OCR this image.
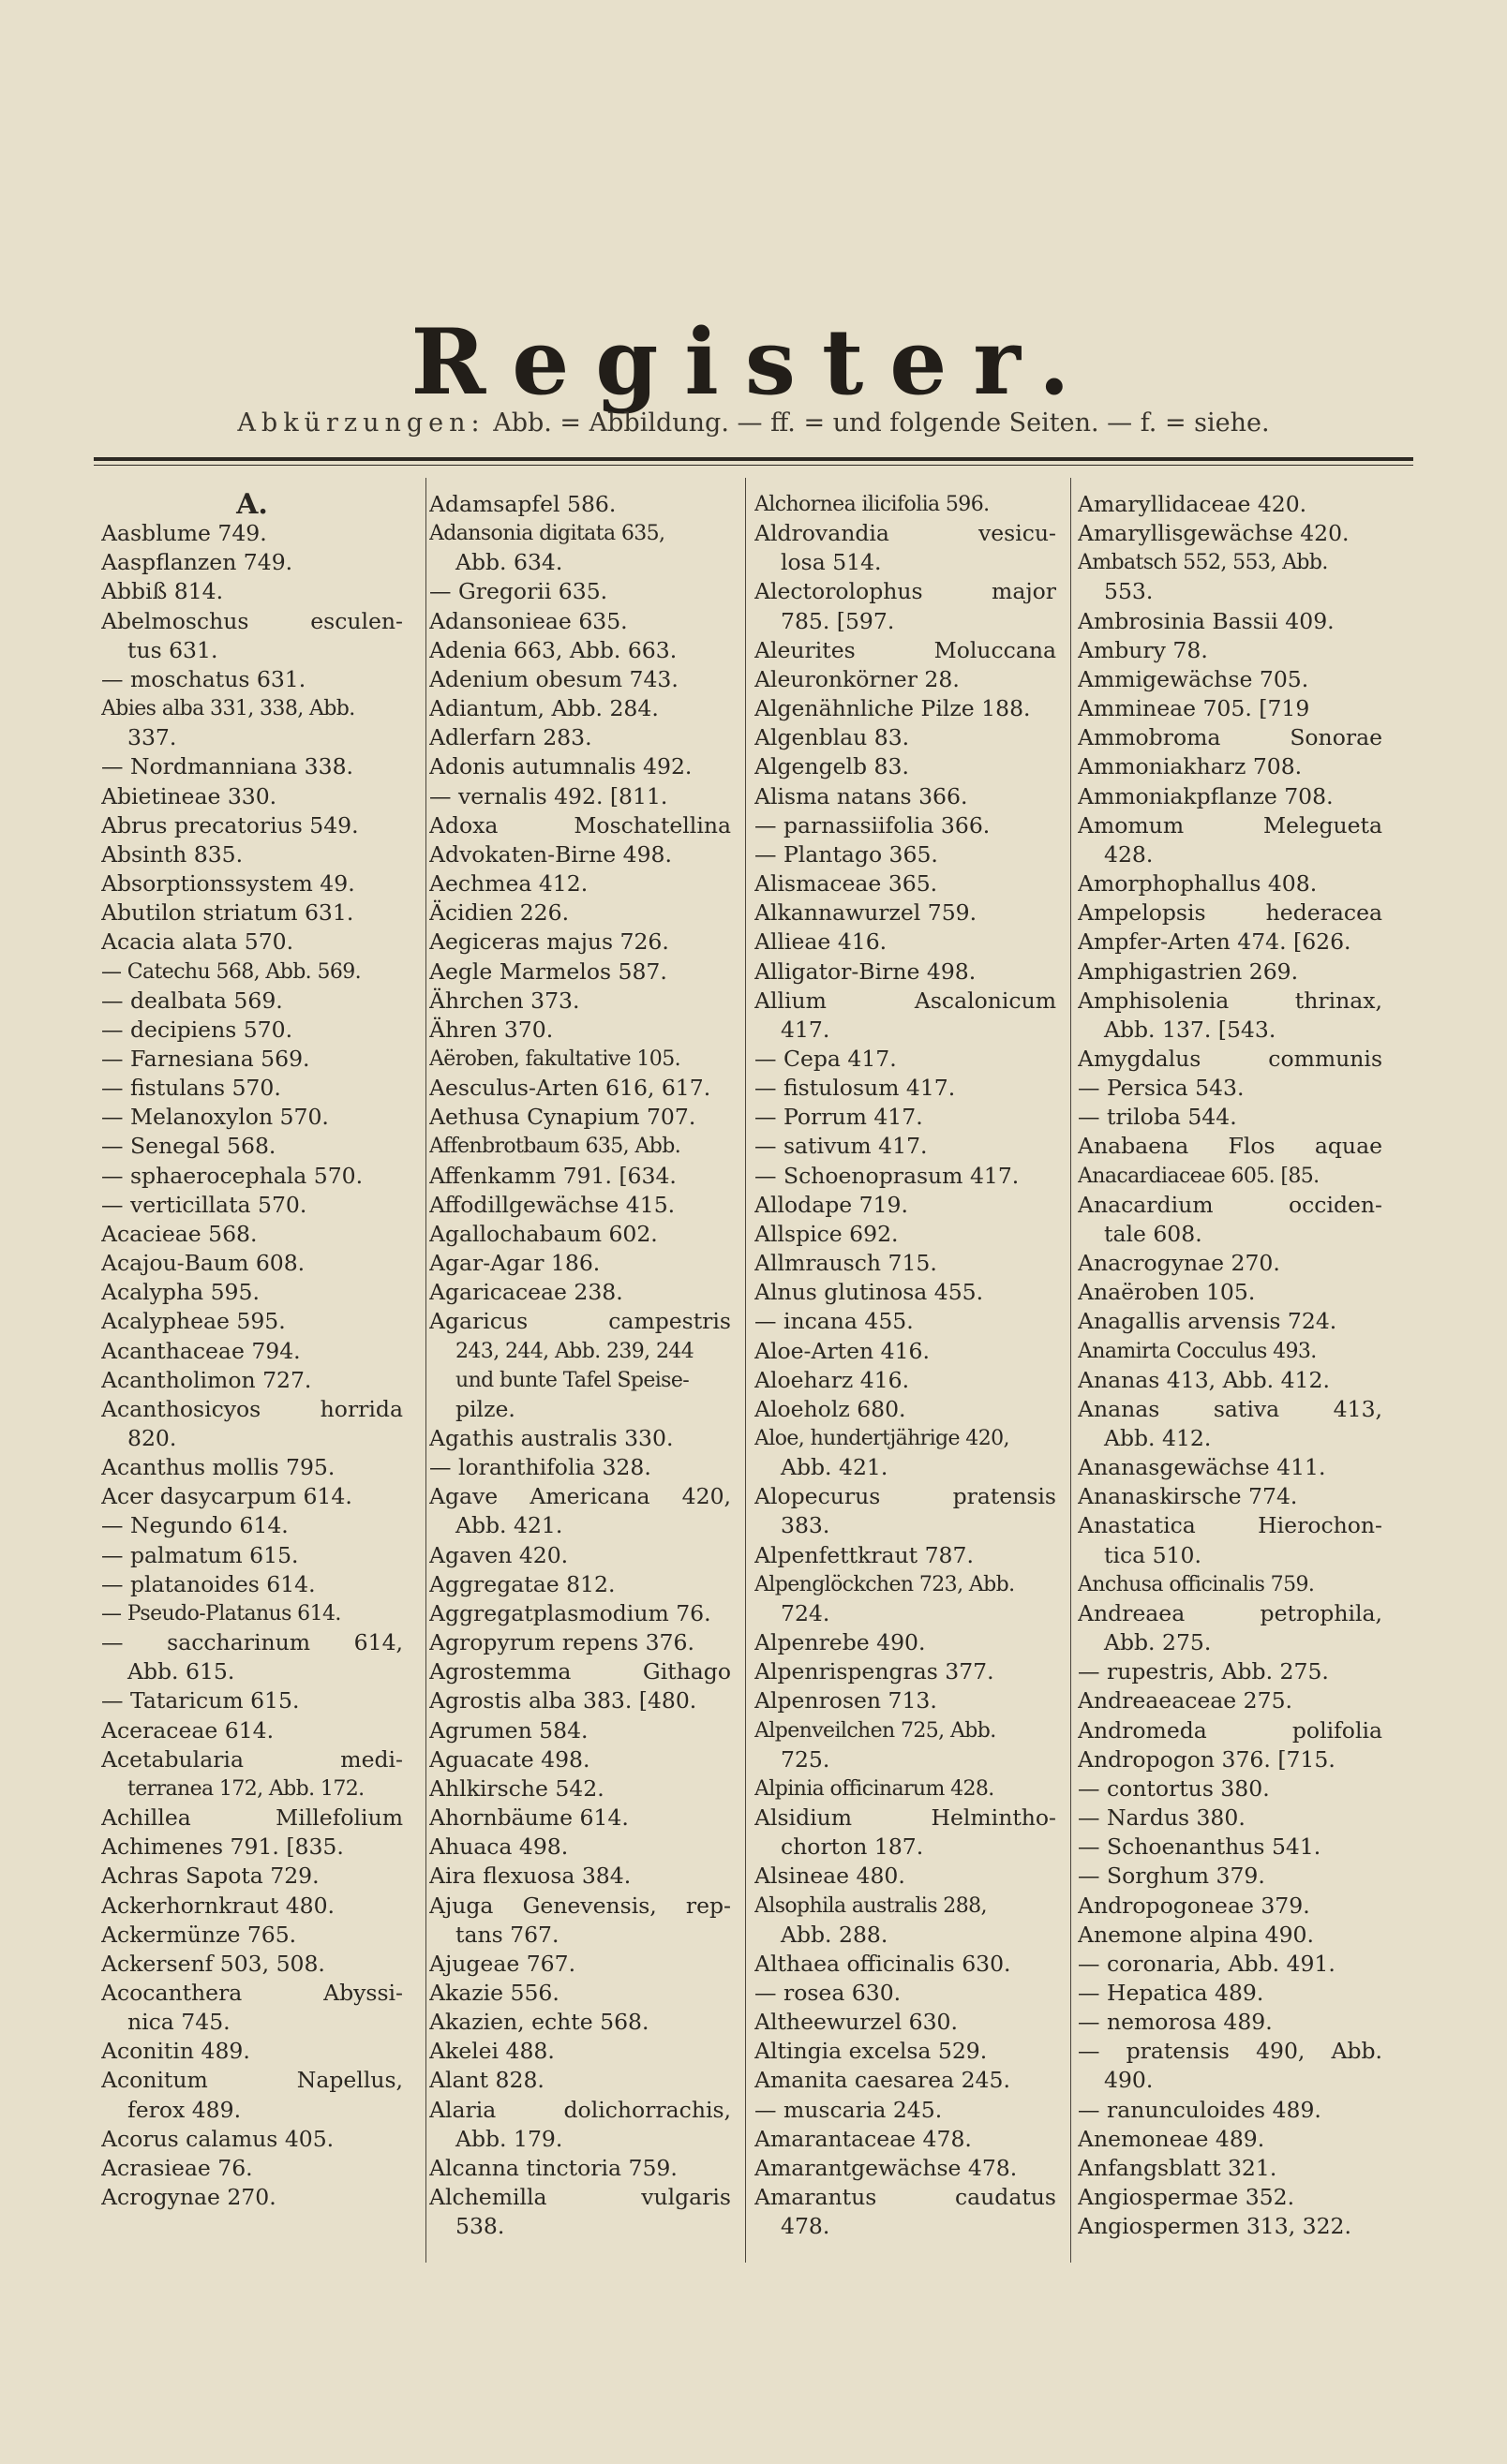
Register.
Abkürzungen: Abb. = Abbildung. — ff. = und folgende Seiten. — f. = siehe.
A.
Aasblume 749.
Aaspflanzen 749.
Abbiß 814.
Abelmoschus esculen-
tus 631.
— moschatus 631.
Abies alba 331, 338, Abb.
337.
— Nordmanniana 338.
Abietineae 330.
Abrus precatorius 549.
Absinth 835.
Absorptionssystem 49.
Abutilon striatum 631.
Acacia alata 570.
— Catechu 568, Abb. 569.
— dealbata 569.
— decipiens 570.
— Farnesiana 569.
— fistulans 570.
— Melanoxylon 570.
— Senegal 568.
— sphaerocephala 570.
— verticillata 570.
Acacieae 568.
Acajou-Baum 608.
Acalypha 595.
Acalypheae 595.
Acanthaceae 794.
Acantholimon 727.
Acanthosicyos horrida
820.
Acanthus mollis 795.
Acer dasycarpum 614.
— Negundo 614.
— palmatum 615.
— platanoides 614.
— Pseudo-Platanus 614.
— saccharinum 614,
Abb. 615.
— Tataricum 615.
Aceraceae 614.
Acetabularia medi-
terranea 172, Abb. 172.
Achillea Millefolium
Achimenes 791. [835.
Achras Sapota 729.
Ackerhornkraut 480.
Ackermünze 765.
Ackersenf 503, 508.
Acocanthera Abyssi-
nica 745.
Aconitin 489.
Aconitum Napellus,
ferox 489.
Acorus calamus 405.
Acrasieae 76.
Acrogynae 270.
Adamsapfel 586.
Adansonia digitata 635,
Abb. 634.
— Gregorii 635.
Adansonieae 635.
Adenia 663, Abb. 663.
Adenium obesum 743.
Adiantum, Abb. 284.
Adlerfarn 283.
Adonis autumnalis 492.
— vernalis 492. [811.
Adoxa Moschatellina
Advokaten-Birne 498.
Aechmea 412.
Äcidien 226.
Aegiceras majus 726.
Aegle Marmelos 587.
Ährchen 373.
Ähren 370.
Aëroben, fakultative 105.
Aesculus-Arten 616, 617.
Aethusa Cynapium 707.
Affenbrotbaum 635, Abb.
Affenkamm 791. [634.
Affodillgewächse 415.
Agallochabaum 602.
Agar-Agar 186.
Agaricaceae 238.
Agaricus campestris
243, 244, Abb. 239, 244
und bunte Tafel Speise-
pilze.
Agathis australis 330.
— loranthifolia 328.
Agave Americana 420,
Abb. 421.
Agaven 420.
Aggregatae 812.
Aggregatplasmodium 76.
Agropyrum repens 376.
Agrostemma Githago
Agrostis alba 383. [480.
Agrumen 584.
Aguacate 498.
Ahlkirsche 542.
Ahornbäume 614.
Ahuaca 498.
Aira flexuosa 384.
Ajuga Genevensis, rep-
tans 767.
Ajugeae 767.
Akazie 556.
Akazien, echte 568.
Akelei 488.
Alant 828.
Alaria dolichorrachis,
Abb. 179.
Alcanna tinctoria 759.
Alchemilla vulgaris
538.
Alchornea ilicifolia 596.
Aldrovandia vesicu-
losa 514.
Alectorolophus major
785. [597.
Aleurites Moluccana
Aleuronkörner 28.
Algenähnliche Pilze 188.
Algenblau 83.
Algengelb 83.
Alisma natans 366.
— parnassiifolia 366.
— Plantago 365.
Alismaceae 365.
Alkannawurzel 759.
Allieae 416.
Alligator-Birne 498.
Allium Ascalonicum
417.
— Cepa 417.
— fistulosum 417.
— Porrum 417.
— sativum 417.
— Schoenoprasum 417.
Allodape 719.
Allspice 692.
Allmrausch 715.
Alnus glutinosa 455.
— incana 455.
Aloe-Arten 416.
Aloeharz 416.
Aloeholz 680.
Aloe, hundertjährige 420,
Abb. 421.
Alopecurus pratensis
383.
Alpenfettkraut 787.
Alpenglöckchen 723, Abb.
724.
Alpenrebe 490.
Alpenrispengras 377.
Alpenrosen 713.
Alpenveilchen 725, Abb.
725.
Alpinia officinarum 428.
Alsidium Helmintho-
chorton 187.
Alsineae 480.
Alsophila australis 288,
Abb. 288.
Althaea officinalis 630.
— rosea 630.
Altheewurzel 630.
Altingia excelsa 529.
Amanita caesarea 245.
— muscaria 245.
Amarantaceae 478.
Amarantgewächse 478.
Amarantus caudatus
478.
Amaryllidaceae 420.
Amaryllisgewächse 420.
Ambatsch 552, 553, Abb.
553.
Ambrosinia Bassii 409.
Ambury 78.
Ammigewächse 705.
Ammineae 705. [719
Ammobroma Sonorae
Ammoniakharz 708.
Ammoniakpflanze 708.
Amomum Melegueta
428.
Amorphophallus 408.
Ampelopsis hederacea
Ampfer-Arten 474. [626.
Amphigastrien 269.
Amphisolenia thrinax,
Abb. 137. [543.
Amygdalus communis
— Persica 543.
— triloba 544.
Anabaena Flos aquae
Anacardiaceae 605. [85.
Anacardium occiden-
tale 608.
Anacrogynae 270.
Anaëroben 105.
Anagallis arvensis 724.
Anamirta Cocculus 493.
Ananas 413, Abb. 412.
Ananas sativa 413,
Abb. 412.
Ananasgewächse 411.
Ananaskirsche 774.
Anastatica Hierochon-
tica 510.
Anchusa officinalis 759.
Andreaea petrophila,
Abb. 275.
— rupestris, Abb. 275.
Andreaeaceae 275.
Andromeda polifolia
Andropogon 376. [715.
— contortus 380.
— Nardus 380.
— Schoenanthus 541.
— Sorghum 379.
Andropogoneae 379.
Anemone alpina 490.
— coronaria, Abb. 491.
— Hepatica 489.
— nemorosa 489.
— pratensis 490, Abb.
490.
— ranunculoides 489.
Anemoneae 489.
Anfangsblatt 321.
Angiospermae 352.
Angiospermen 313, 322.
